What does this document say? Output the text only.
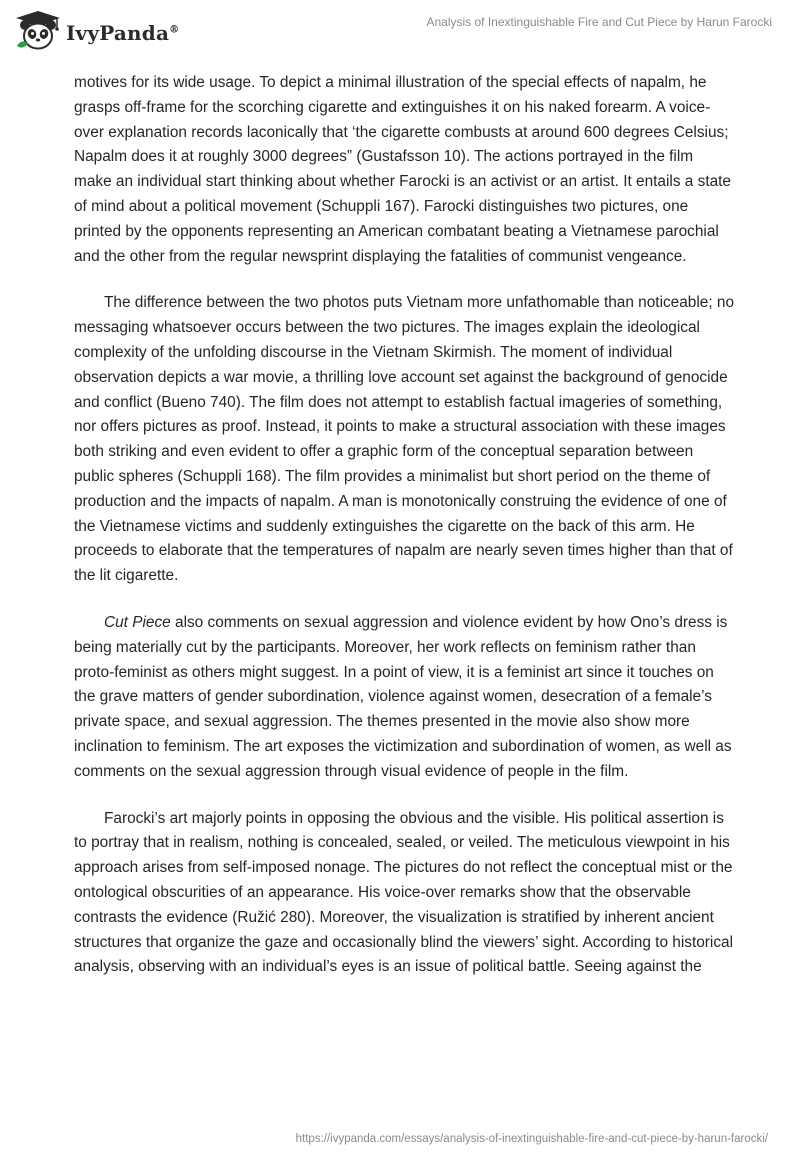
IvyPanda®
Analysis of Inextinguishable Fire and Cut Piece by Harun Farocki

motives for its wide usage. To depict a minimal illustration of the special effects of napalm, he grasps off-frame for the scorching cigarette and extinguishes it on his naked forearm. A voice-over explanation records laconically that ‘the cigarette combusts at around 600 degrees Celsius; Napalm does it at roughly 3000 degrees” (Gustafsson 10). The actions portrayed in the film make an individual start thinking about whether Farocki is an activist or an artist. It entails a state of mind about a political movement (Schuppli 167). Farocki distinguishes two pictures, one printed by the opponents representing an American combatant beating a Vietnamese parochial and the other from the regular newsprint displaying the fatalities of communist vengeance.

The difference between the two photos puts Vietnam more unfathomable than noticeable; no messaging whatsoever occurs between the two pictures. The images explain the ideological complexity of the unfolding discourse in the Vietnam Skirmish. The moment of individual observation depicts a war movie, a thrilling love account set against the background of genocide and conflict (Bueno 740). The film does not attempt to establish factual imageries of something, nor offers pictures as proof. Instead, it points to make a structural association with these images both striking and even evident to offer a graphic form of the conceptual separation between public spheres (Schuppli 168). The film provides a minimalist but short period on the theme of production and the impacts of napalm. A man is monotonically construing the evidence of one of the Vietnamese victims and suddenly extinguishes the cigarette on the back of this arm. He proceeds to elaborate that the temperatures of napalm are nearly seven times higher than that of the lit cigarette.

Cut Piece also comments on sexual aggression and violence evident by how Ono’s dress is being materially cut by the participants. Moreover, her work reflects on feminism rather than proto-feminist as others might suggest. In a point of view, it is a feminist art since it touches on the grave matters of gender subordination, violence against women, desecration of a female’s private space, and sexual aggression. The themes presented in the movie also show more inclination to feminism. The art exposes the victimization and subordination of women, as well as comments on the sexual aggression through visual evidence of people in the film.

Farocki’s art majorly points in opposing the obvious and the visible. His political assertion is to portray that in realism, nothing is concealed, sealed, or veiled. The meticulous viewpoint in his approach arises from self-imposed nonage. The pictures do not reflect the conceptual mist or the ontological obscurities of an appearance. His voice-over remarks show that the observable contrasts the evidence (Ružić 280). Moreover, the visualization is stratified by inherent ancient structures that organize the gaze and occasionally blind the viewers’ sight. According to historical analysis, observing with an individual’s eyes is an issue of political battle. Seeing against the

https://ivypanda.com/essays/analysis-of-inextinguishable-fire-and-cut-piece-by-harun-farocki/
